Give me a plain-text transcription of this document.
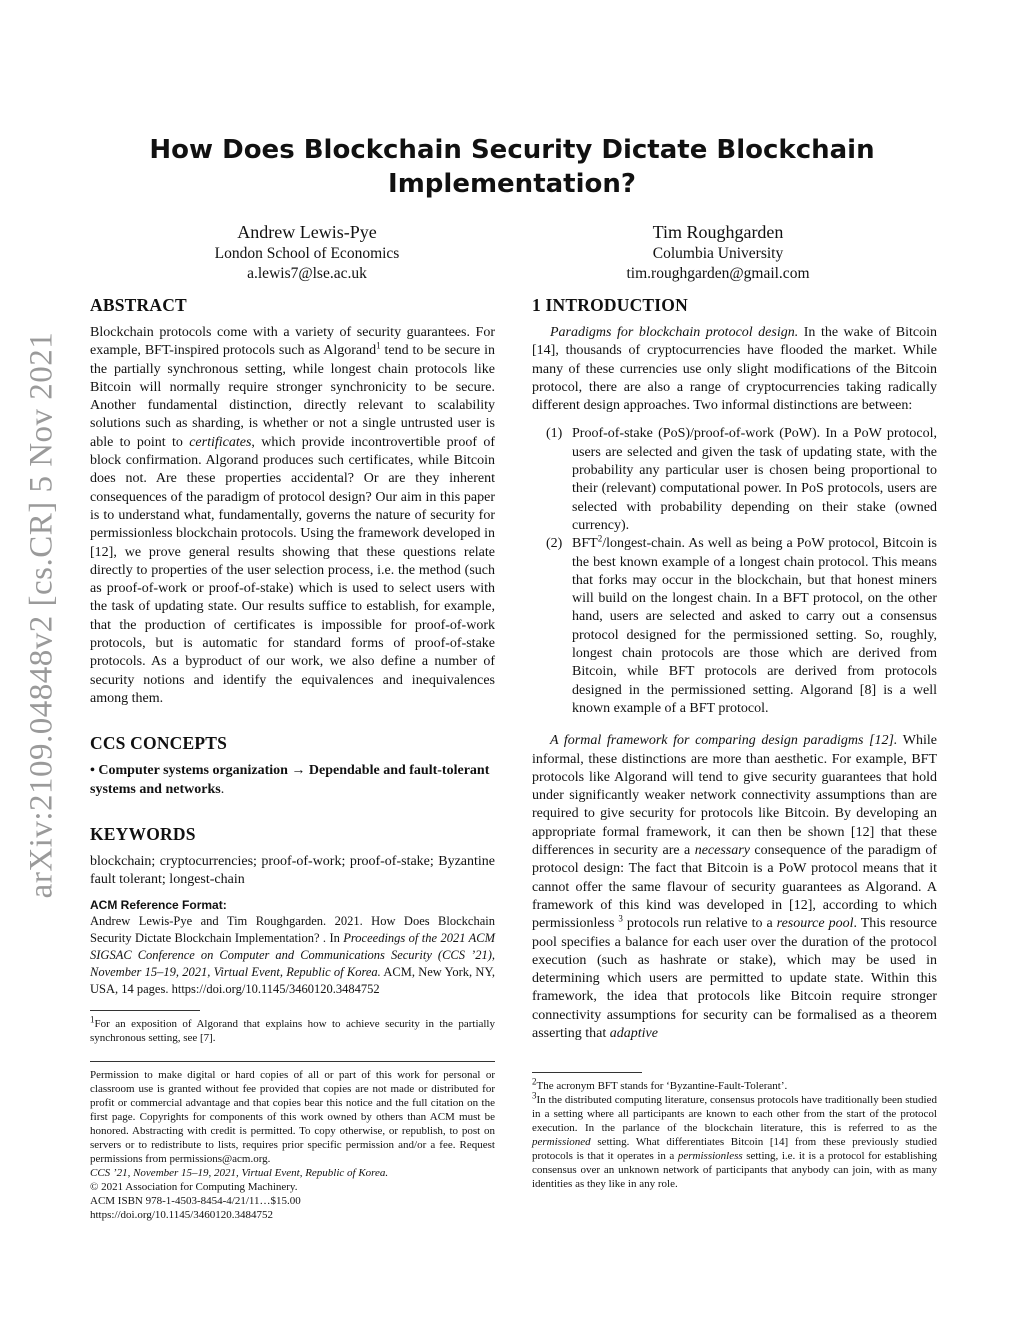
arXiv:2109.04848v2 [cs.CR] 5 Nov 2021
How Does Blockchain Security Dictate Blockchain
Implementation?
Andrew Lewis-Pye
London School of Economics
a.lewis7@lse.ac.uk
Tim Roughgarden
Columbia University
tim.roughgarden@gmail.com
ABSTRACT

Blockchain protocols come with a variety of security guarantees. For example, BFT-inspired protocols such as Algorand$^1$ tend to be secure in the partially synchronous setting, while longest chain protocols like Bitcoin will normally require stronger synchronicity to be secure. Another fundamental distinction, directly relevant to scalability solutions such as sharding, is whether or not a single untrusted user is able to point to certificates, which provide incontrovertible proof of block confirmation. Algorand produces such certificates, while Bitcoin does not. Are these properties accidental? Or are they inherent consequences of the paradigm of protocol design? Our aim in this paper is to understand what, fundamentally, governs the nature of security for permissionless blockchain protocols. Using the framework developed in [12], we prove general results showing that these questions relate directly to properties of the user selection process, i.e. the method (such as proof-of-work or proof-of-stake) which is used to select users with the task of updating state. Our results suffice to establish, for example, that the production of certificates is impossible for proof-of-work protocols, but is automatic for standard forms of proof-of-stake protocols. As a byproduct of our work, we also define a number of security notions and identify the equivalences and inequivalences among them.

CCS CONCEPTS

• Computer systems organization → Dependable and fault-tolerant systems and networks.

KEYWORDS

blockchain; cryptocurrencies; proof-of-work; proof-of-stake; Byzantine fault tolerant; longest-chain

ACM Reference Format:

Andrew Lewis-Pye and Tim Roughgarden. 2021. How Does Blockchain Security Dictate Blockchain Implementation? . In Proceedings of the 2021 ACM SIGSAC Conference on Computer and Communications Security (CCS ’21), November 15–19, 2021, Virtual Event, Republic of Korea. ACM, New York, NY, USA, 14 pages. https://doi.org/10.1145/3460120.3484752

$^1$For an exposition of Algorand that explains how to achieve security in the partially synchronous setting, see [7].

Permission to make digital or hard copies of all or part of this work for personal or classroom use is granted without fee provided that copies are not made or distributed for profit or commercial advantage and that copies bear this notice and the full citation on the first page. Copyrights for components of this work owned by others than ACM must be honored. Abstracting with credit is permitted. To copy otherwise, or republish, to post on servers or to redistribute to lists, requires prior specific permission and/or a fee. Request permissions from permissions@acm.org.

CCS ’21, November 15–19, 2021, Virtual Event, Republic of Korea.
© 2021 Association for Computing Machinery.
ACM ISBN 978-1-4503-8454-4/21/11…$15.00
https://doi.org/10.1145/3460120.3484752
1 INTRODUCTION

Paradigms for blockchain protocol design. In the wake of Bitcoin [14], thousands of cryptocurrencies have flooded the market. While many of these currencies use only slight modifications of the Bitcoin protocol, there are also a range of cryptocurrencies taking radically different design approaches. Two informal distinctions are between:

(1) Proof-of-stake (PoS)/proof-of-work (PoW). In a PoW protocol, users are selected and given the task of updating state, with the probability any particular user is chosen being proportional to their (relevant) computational power. In PoS protocols, users are selected with probability depending on their stake (owned currency).
(2) BFT$^2$/longest-chain. As well as being a PoW protocol, Bitcoin is the best known example of a longest chain protocol. This means that forks may occur in the blockchain, but that honest miners will build on the longest chain. In a BFT protocol, on the other hand, users are selected and asked to carry out a consensus protocol designed for the permissioned setting. So, roughly, longest chain protocols are those which are derived from Bitcoin, while BFT protocols are derived from protocols designed in the permissioned setting. Algorand [8] is a well known example of a BFT protocol.

A formal framework for comparing design paradigms [12]. While informal, these distinctions are more than aesthetic. For example, BFT protocols like Algorand will tend to give security guarantees that hold under significantly weaker network connectivity assumptions than are required to give security for protocols like Bitcoin. By developing an appropriate formal framework, it can then be shown [12] that these differences in security are a necessary consequence of the paradigm of protocol design: The fact that Bitcoin is a PoW protocol means that it cannot offer the same flavour of security guarantees as Algorand. A framework of this kind was developed in [12], according to which permissionless $^3$ protocols run relative to a resource pool. This resource pool specifies a balance for each user over the duration of the protocol execution (such as hashrate or stake), which may be used in determining which users are permitted to update state. Within this framework, the idea that protocols like Bitcoin require stronger connectivity assumptions for security can be formalised as a theorem asserting that adaptive

$^2$The acronym BFT stands for ‘Byzantine-Fault-Tolerant’.

$^3$In the distributed computing literature, consensus protocols have traditionally been studied in a setting where all participants are known to each other from the start of the protocol execution. In the parlance of the blockchain literature, this is referred to as the permissioned setting. What differentiates Bitcoin [14] from these previously studied protocols is that it operates in a permissionless setting, i.e. it is a protocol for establishing consensus over an unknown network of participants that anybody can join, with as many identities as they like in any role.
